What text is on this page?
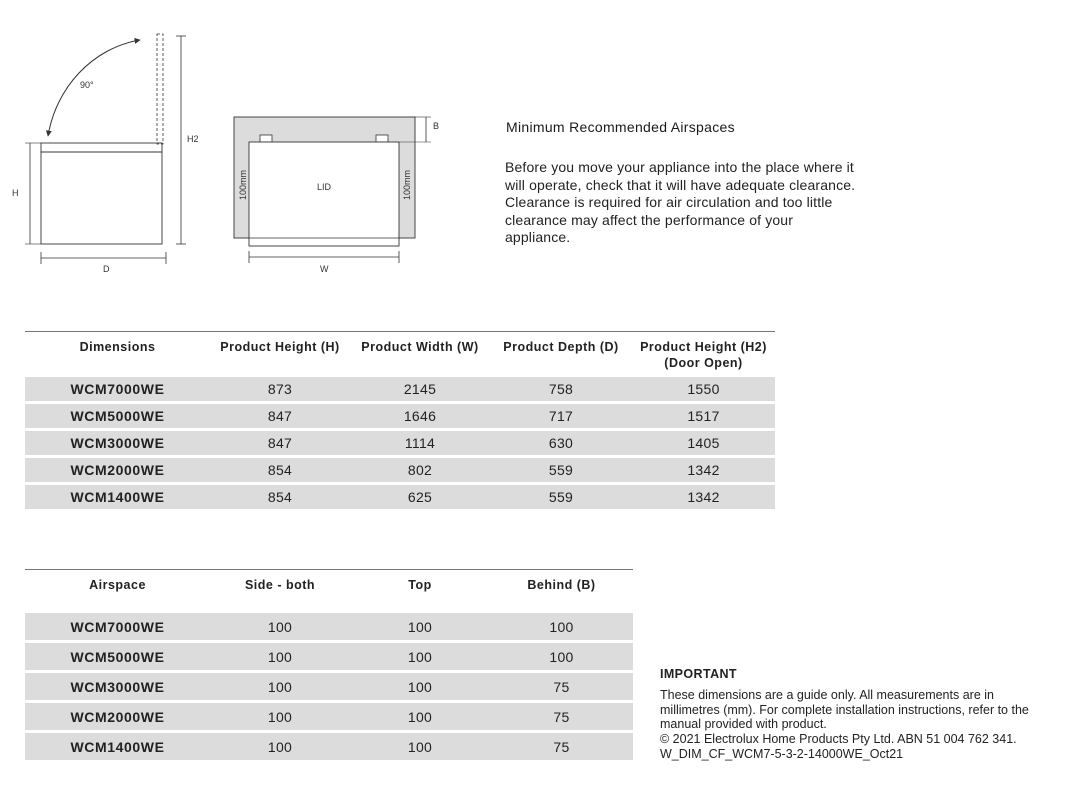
90°
H2
H
D
LID
100mm	100mm
B
W
Minimum Recommended Airspaces
Before you move your appliance into the place where it will operate, check that it will have adequate clearance. Clearance is required for air circulation and too little clearance may affect the performance of your appliance.
Dimensions	Product Height (H)	Product Width (W)	Product Depth (D)	Product Height (H2)
(Door Open)

WCM7000WE	873	2145	758	1550
WCM5000WE	847	1646	717	1517
WCM3000WE	847	1114	630	1405
WCM2000WE	854	802	559	1342
WCM1400WE	854	625	559	1342
Airspace	Side - both	Top	Behind (B)
WCM7000WE	100	100	100
WCM5000WE	100	100	100
WCM3000WE	100	100	75
WCM2000WE	100	100	75
WCM1400WE	100	100	75
IMPORTANT
These dimensions are a guide only. All measurements are in millimetres (mm). For complete installation instructions, refer to the manual provided with product.
© 2021 Electrolux Home Products Pty Ltd. ABN 51 004 762 341.
W_DIM_CF_WCM7-5-3-2-14000WE_Oct21
